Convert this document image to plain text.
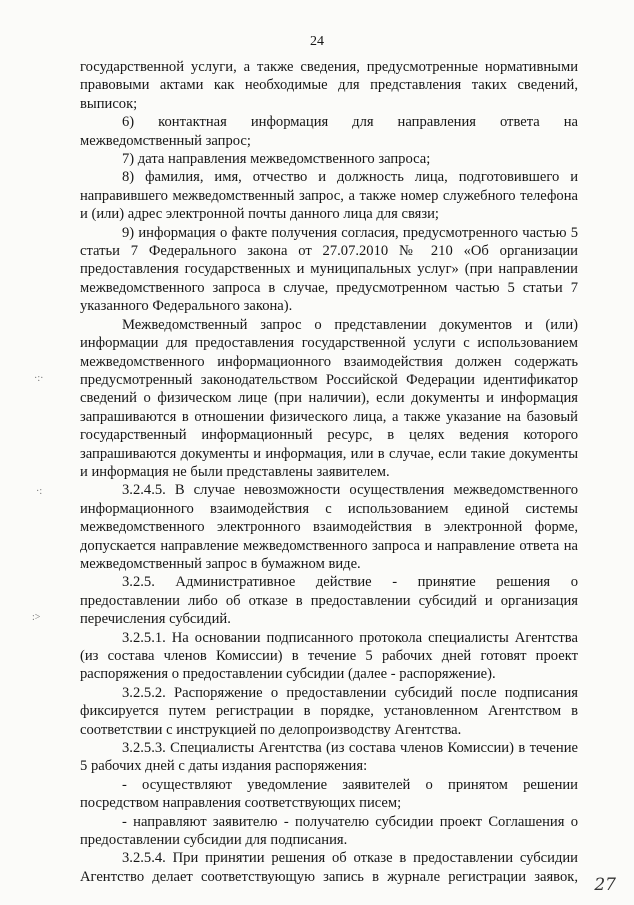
24

государственной услуги, а также сведения, предусмотренные нормативными правовыми актами как необходимые для представления таких сведений, выписок;

6) контактная информация для направления ответа на межведомственный запрос;

7) дата направления межведомственного запроса;

8) фамилия, имя, отчество и должность лица, подготовившего и направившего межведомственный запрос, а также номер служебного телефона и (или) адрес электронной почты данного лица для связи;

9) информация о факте получения согласия, предусмотренного частью 5 статьи 7 Федерального закона от 27.07.2010 № 210 «Об организации предоставления государственных и муниципальных услуг» (при направлении межведомственного запроса в случае, предусмотренном частью 5 статьи 7 указанного Федерального закона).

Межведомственный запрос о представлении документов и (или) информации для предоставления государственной услуги с использованием межведомственного информационного взаимодействия должен содержать предусмотренный законодательством Российской Федерации идентификатор сведений о физическом лице (при наличии), если документы и информация запрашиваются в отношении физического лица, а также указание на базовый государственный информационный ресурс, в целях ведения которого запрашиваются документы и информация, или в случае, если такие документы и информация не были представлены заявителем.

3.2.4.5. В случае невозможности осуществления межведомственного информационного взаимодействия с использованием единой системы межведомственного электронного взаимодействия в электронной форме, допускается направление межведомственного запроса и направление ответа на межведомственный запрос в бумажном виде.

3.2.5. Административное действие - принятие решения о предоставлении либо об отказе в предоставлении субсидий и организация перечисления субсидий.

3.2.5.1. На основании подписанного протокола специалисты Агентства (из состава членов Комиссии) в течение 5 рабочих дней готовят проект распоряжения о предоставлении субсидии (далее - распоряжение).

3.2.5.2. Распоряжение о предоставлении субсидий после подписания фиксируется путем регистрации в порядке, установленном Агентством в соответствии с инструкцией по делопроизводству Агентства.

3.2.5.3. Специалисты Агентства (из состава членов Комиссии) в течение 5 рабочих дней с даты издания распоряжения:

- осуществляют уведомление заявителей о принятом решении посредством направления соответствующих писем;

- направляют заявителю - получателю субсидии проект Соглашения о предоставлении субсидии для подписания.

3.2.5.4. При принятии решения об отказе в предоставлении субсидии Агентство делает соответствующую запись в журнале регистрации заявок,

·:·
·:
:>
27
